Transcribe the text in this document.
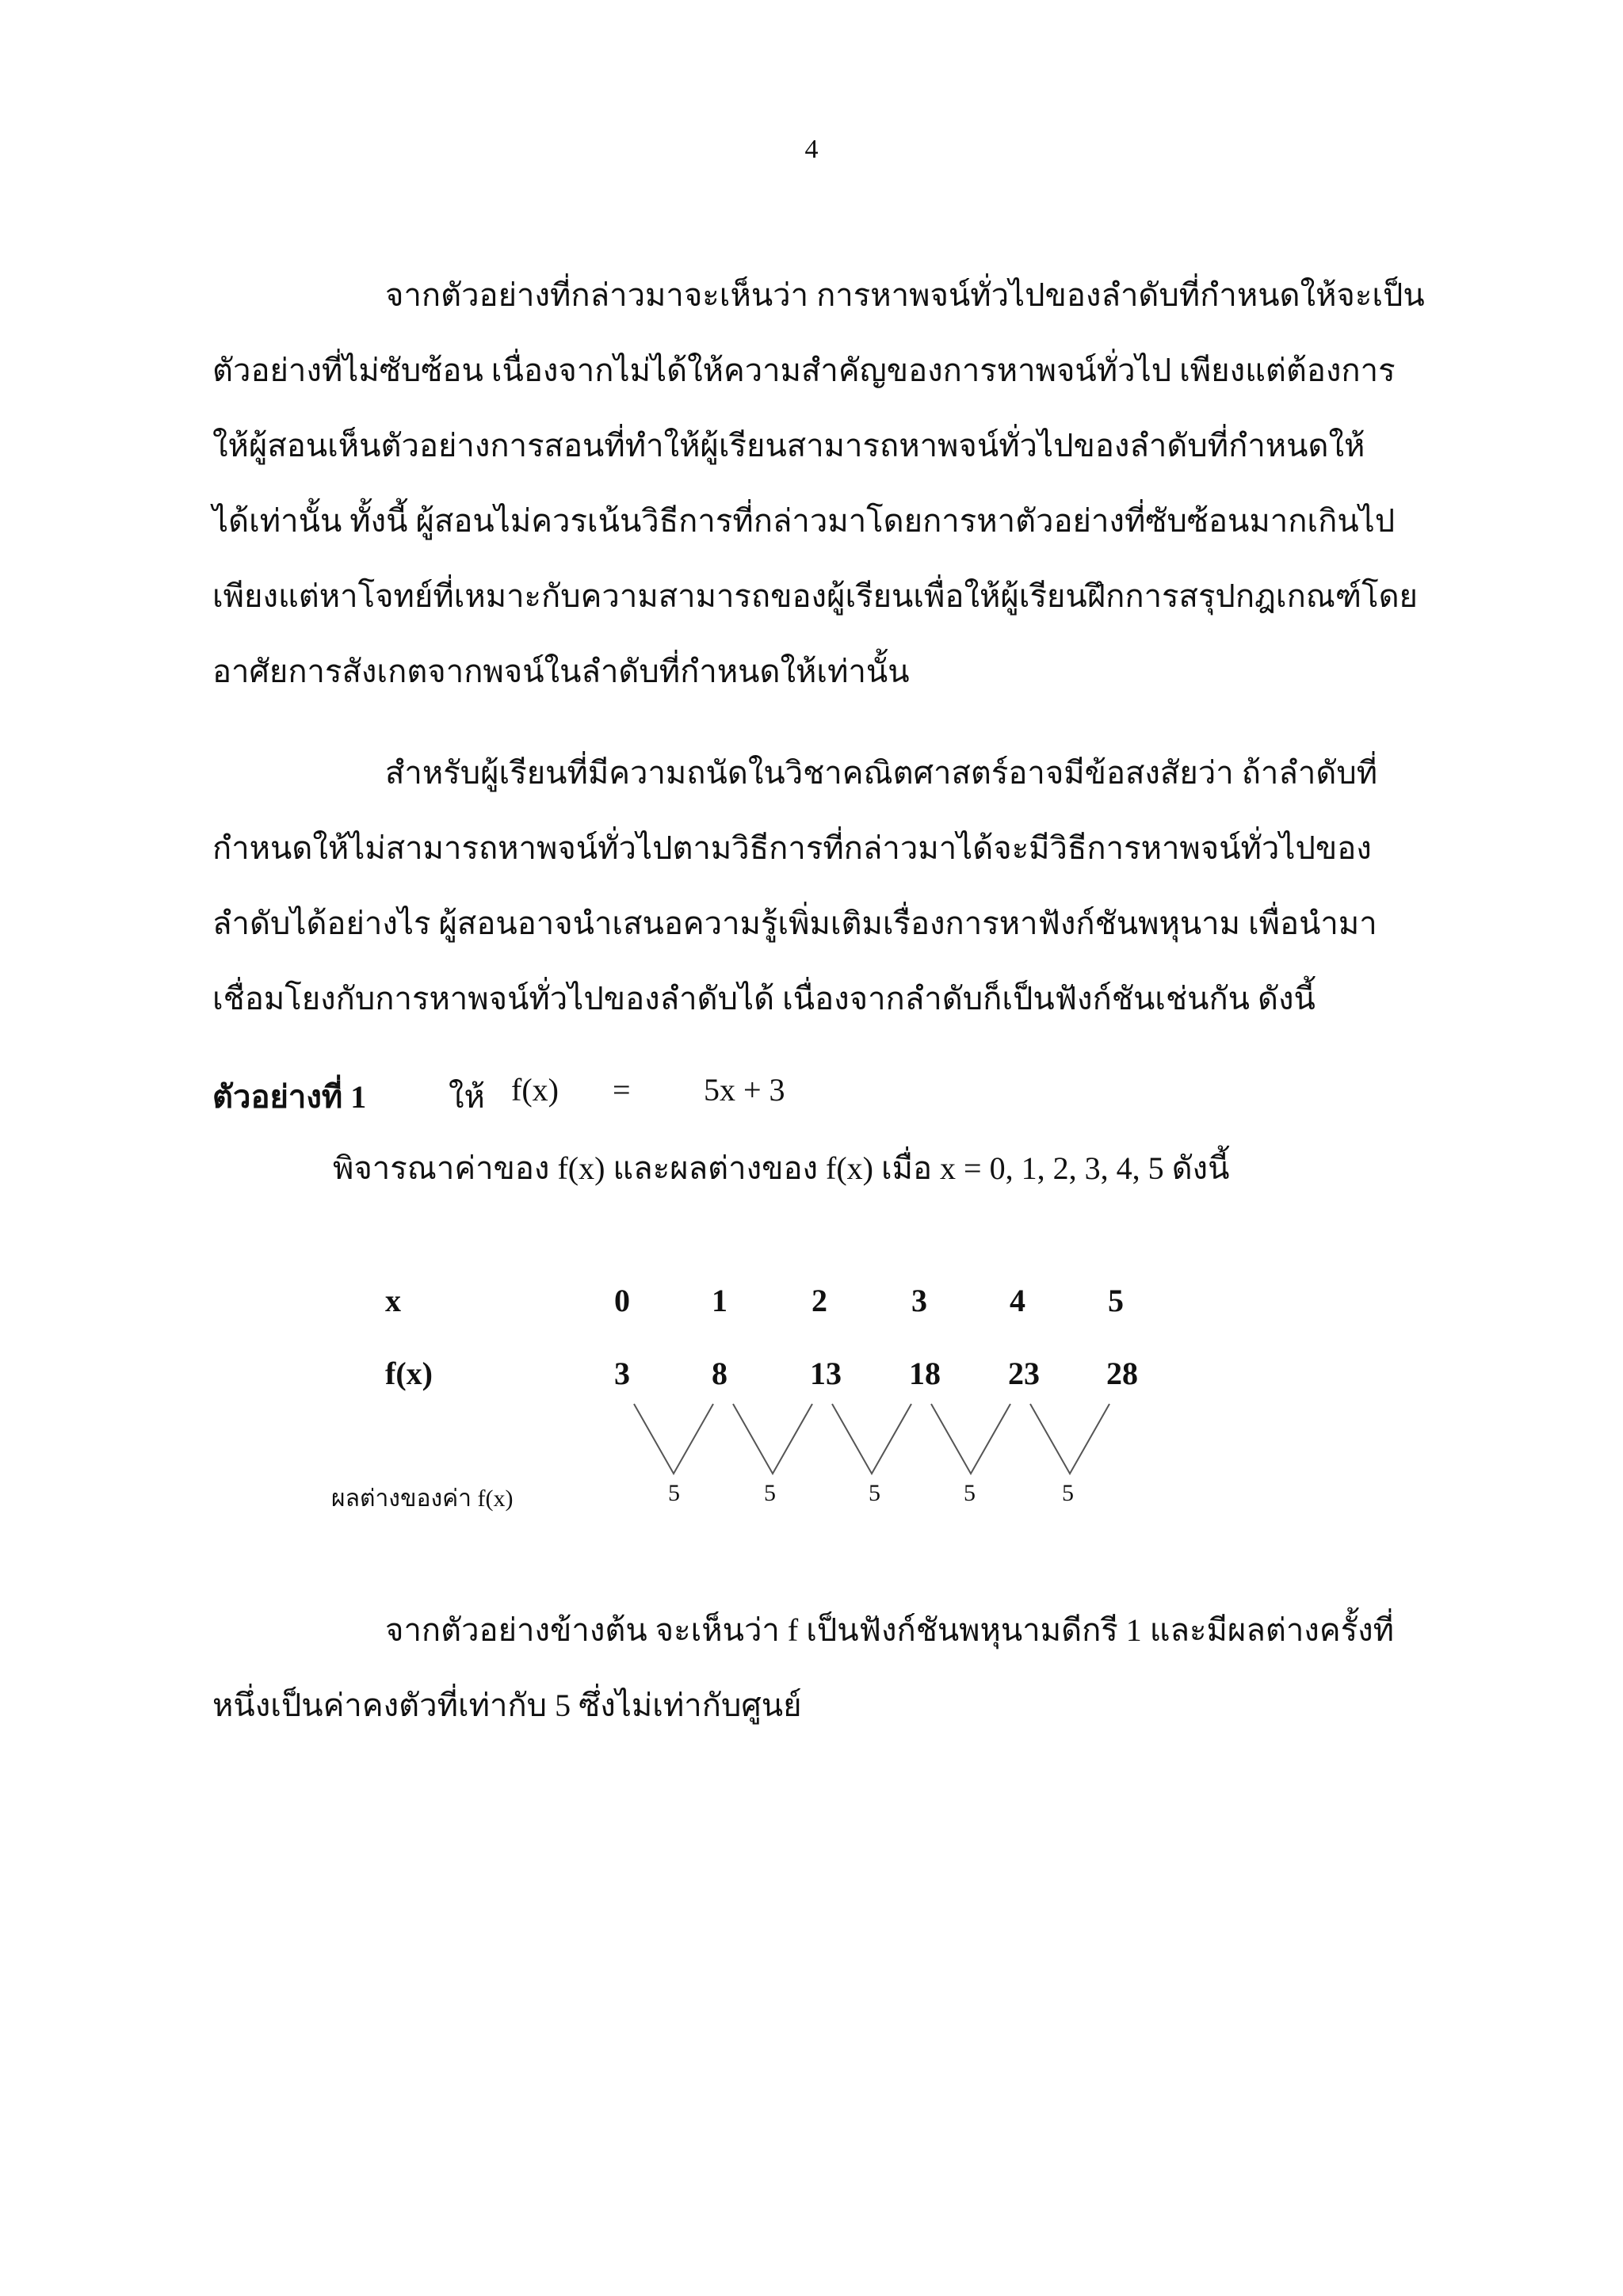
4
จากตัวอย่างที่กล่าวมาจะเห็นว่า การหาพจน์ทั่วไปของลำดับที่กำหนดให้จะเป็น
ตัวอย่างที่ไม่ซับซ้อน เนื่องจากไม่ได้ให้ความสำคัญของการหาพจน์ทั่วไป เพียงแต่ต้องการ
ให้ผู้สอนเห็นตัวอย่างการสอนที่ทำให้ผู้เรียนสามารถหาพจน์ทั่วไปของลำดับที่กำหนดให้
ได้เท่านั้น ทั้งนี้ ผู้สอนไม่ควรเน้นวิธีการที่กล่าวมาโดยการหาตัวอย่างที่ซับซ้อนมากเกินไป
เพียงแต่หาโจทย์ที่เหมาะกับความสามารถของผู้เรียนเพื่อให้ผู้เรียนฝึกการสรุปกฎเกณฑ์โดย
อาศัยการสังเกตจากพจน์ในลำดับที่กำหนดให้เท่านั้น
สำหรับผู้เรียนที่มีความถนัดในวิชาคณิตศาสตร์อาจมีข้อสงสัยว่า ถ้าลำดับที่
กำหนดให้ไม่สามารถหาพจน์ทั่วไปตามวิธีการที่กล่าวมาได้จะมีวิธีการหาพจน์ทั่วไปของ
ลำดับได้อย่างไร ผู้สอนอาจนำเสนอความรู้เพิ่มเติมเรื่องการหาฟังก์ชันพหุนาม เพื่อนำมา
เชื่อมโยงกับการหาพจน์ทั่วไปของลำดับได้ เนื่องจากลำดับก็เป็นฟังก์ชันเช่นกัน ดังนี้
ตัวอย่างที่ 1	ให้ f(x) = 5x + 3
พิจารณาค่าของ f(x) และผลต่างของ f(x) เมื่อ x = 0, 1, 2, 3, 4, 5 ดังนี้
x	0	1	2	3	4	5
f(x)	3	8	13 18 23 28
ผลต่างของค่า f(x)	5	5	5	5	5
จากตัวอย่างข้างต้น จะเห็นว่า f เป็นฟังก์ชันพหุนามดีกรี 1 และมีผลต่างครั้งที่
หนึ่งเป็นค่าคงตัวที่เท่ากับ 5 ซึ่งไม่เท่ากับศูนย์
